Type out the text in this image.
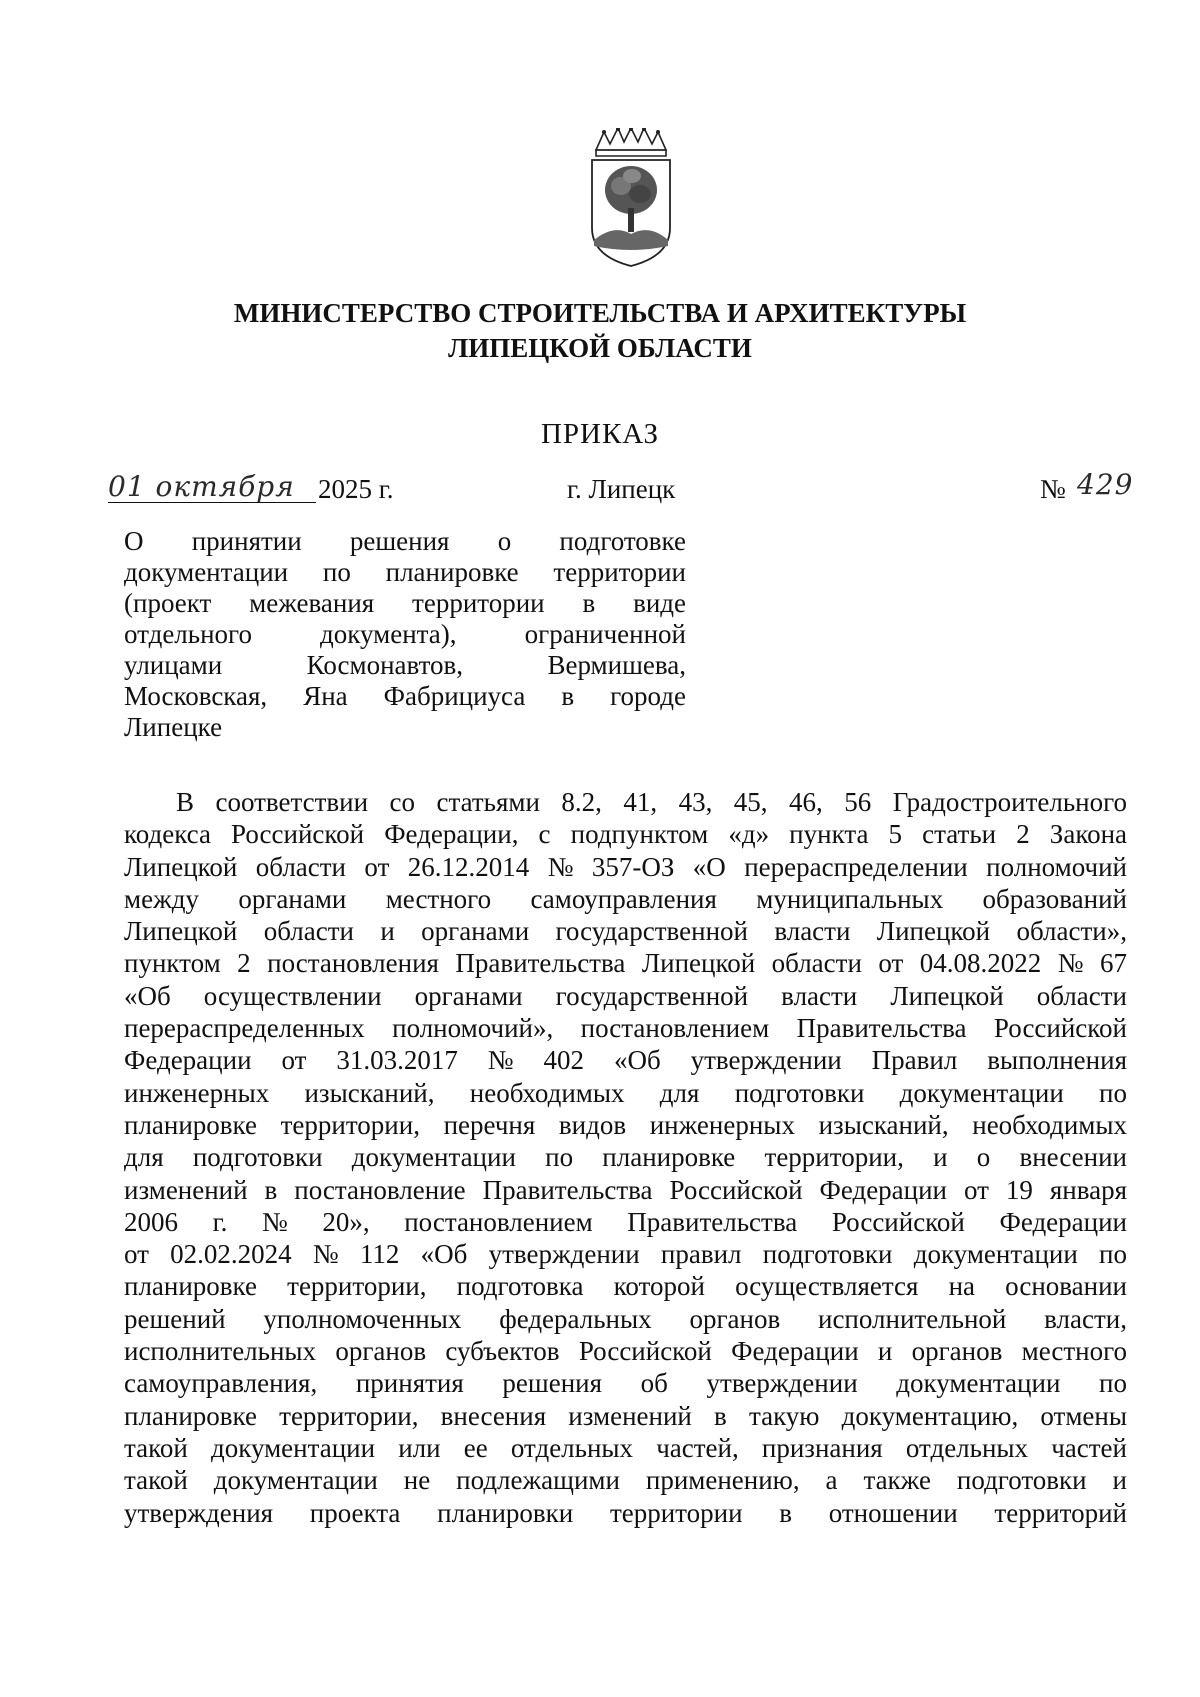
МИНИСТЕРСТВО СТРОИТЕЛЬСТВА И АРХИТЕКТУРЫ
ЛИПЕЦКОЙ ОБЛАСТИ
ПРИКАЗ
01 октября 2025 г.	г. Липецк	№ 429
О принятии решения о подготовке
документации по планировке территории
(проект межевания территории в виде
отдельного документа), ограниченной
улицами Космонавтов, Вермишева,
Московская, Яна Фабрициуса в городе
Липецке
В соответствии со статьями 8.2, 41, 43, 45, 46, 56 Градостроительного
кодекса Российской Федерации, с подпунктом «д» пункта 5 статьи 2 Закона
Липецкой области от 26.12.2014 № 357-ОЗ «О перераспределении полномочий
между органами местного самоуправления муниципальных образований
Липецкой области и органами государственной власти Липецкой области»,
пунктом 2 постановления Правительства Липецкой области от 04.08.2022 № 67
«Об осуществлении органами государственной власти Липецкой области
перераспределенных полномочий», постановлением Правительства Российской
Федерации от 31.03.2017 № 402 «Об утверждении Правил выполнения
инженерных изысканий, необходимых для подготовки документации по
планировке территории, перечня видов инженерных изысканий, необходимых
для подготовки документации по планировке территории, и о внесении
изменений в постановление Правительства Российской Федерации от 19 января
2006 г. № 20», постановлением Правительства Российской Федерации
от 02.02.2024 № 112 «Об утверждении правил подготовки документации по
планировке территории, подготовка которой осуществляется на основании
решений уполномоченных федеральных органов исполнительной власти,
исполнительных органов субъектов Российской Федерации и органов местного
самоуправления, принятия решения об утверждении документации по
планировке территории, внесения изменений в такую документацию, отмены
такой документации или ее отдельных частей, признания отдельных частей
такой документации не подлежащими применению, а также подготовки и
утверждения проекта планировки территории в отношении территорий
